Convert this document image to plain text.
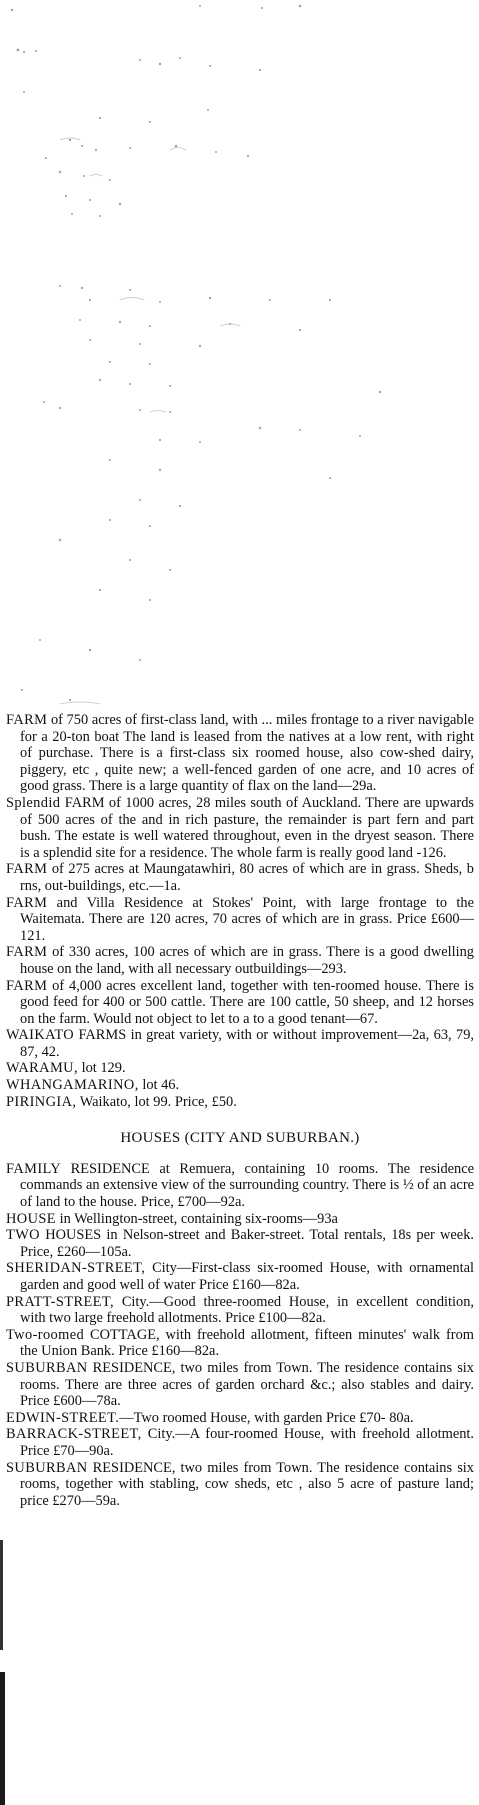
FARM of 750 acres of first-class land, with ... miles frontage to a river navigable for a 20-ton boat The land is leased from the natives at a low rent, with right of purchase. There is a first-class six roomed house, also cow-shed dairy, piggery, etc , quite new; a well-fenced garden of one acre, and 10 acres of good grass. There is a large quantity of flax on the land—29a.

Splendid FARM of 1000 acres, 28 miles south of Auckland. There are upwards of 500 acres of the and in rich pasture, the remainder is part fern and part bush. The estate is well watered throughout, even in the dryest season. There is a splendid site for a residence. The whole farm is really good land -126.

FARM of 275 acres at Maungatawhiri, 80 acres of which are in grass. Sheds, b rns, out-buildings, etc.—1a.

FARM and Villa Residence at Stokes' Point, with large frontage to the Waitemata. There are 120 acres, 70 acres of which are in grass. Price £600—121.

FARM of 330 acres, 100 acres of which are in grass. There is a good dwelling house on the land, with all necessary outbuildings—293.

FARM of 4,000 acres excellent land, together with ten-roomed house. There is good feed for 400 or 500 cattle. There are 100 cattle, 50 sheep, and 12 horses on the farm. Would not object to let to a to a good tenant—67.

WAIKATO FARMS in great variety, with or without improvement—2a, 63, 79, 87, 42.

WARAMU, lot 129.

WHANGAMARINO, lot 46.

PIRINGIA, Waikato, lot 99. Price, £50.

HOUSES (CITY AND SUBURBAN.)

FAMILY RESIDENCE at Remuera, containing 10 rooms. The residence commands an extensive view of the surrounding country. There is ½ of an acre of land to the house. Price, £700—92a.

HOUSE in Wellington-street, containing six-rooms—93a

TWO HOUSES in Nelson-street and Baker-street. Total rentals, 18s per week. Price, £260—105a.

SHERIDAN-STREET, City—First-class six-roomed House, with ornamental garden and good well of water Price £160—82a.

PRATT-STREET, City.—Good three-roomed House, in excellent condition, with two large freehold allotments. Price £100—82a.

Two-roomed COTTAGE, with freehold allotment, fifteen minutes' walk from the Union Bank. Price £160—82a.

SUBURBAN RESIDENCE, two miles from Town. The residence contains six rooms. There are three acres of garden orchard &c.; also stables and dairy. Price £600—78a.

EDWIN-STREET.—Two roomed House, with garden Price £70- 80a.

BARRACK-STREET, City.—A four-roomed House, with freehold allotment. Price £70—90a.

SUBURBAN RESIDENCE, two miles from Town. The residence contains six rooms, together with stabling, cow sheds, etc , also 5 acre of pasture land; price £270—59a.
